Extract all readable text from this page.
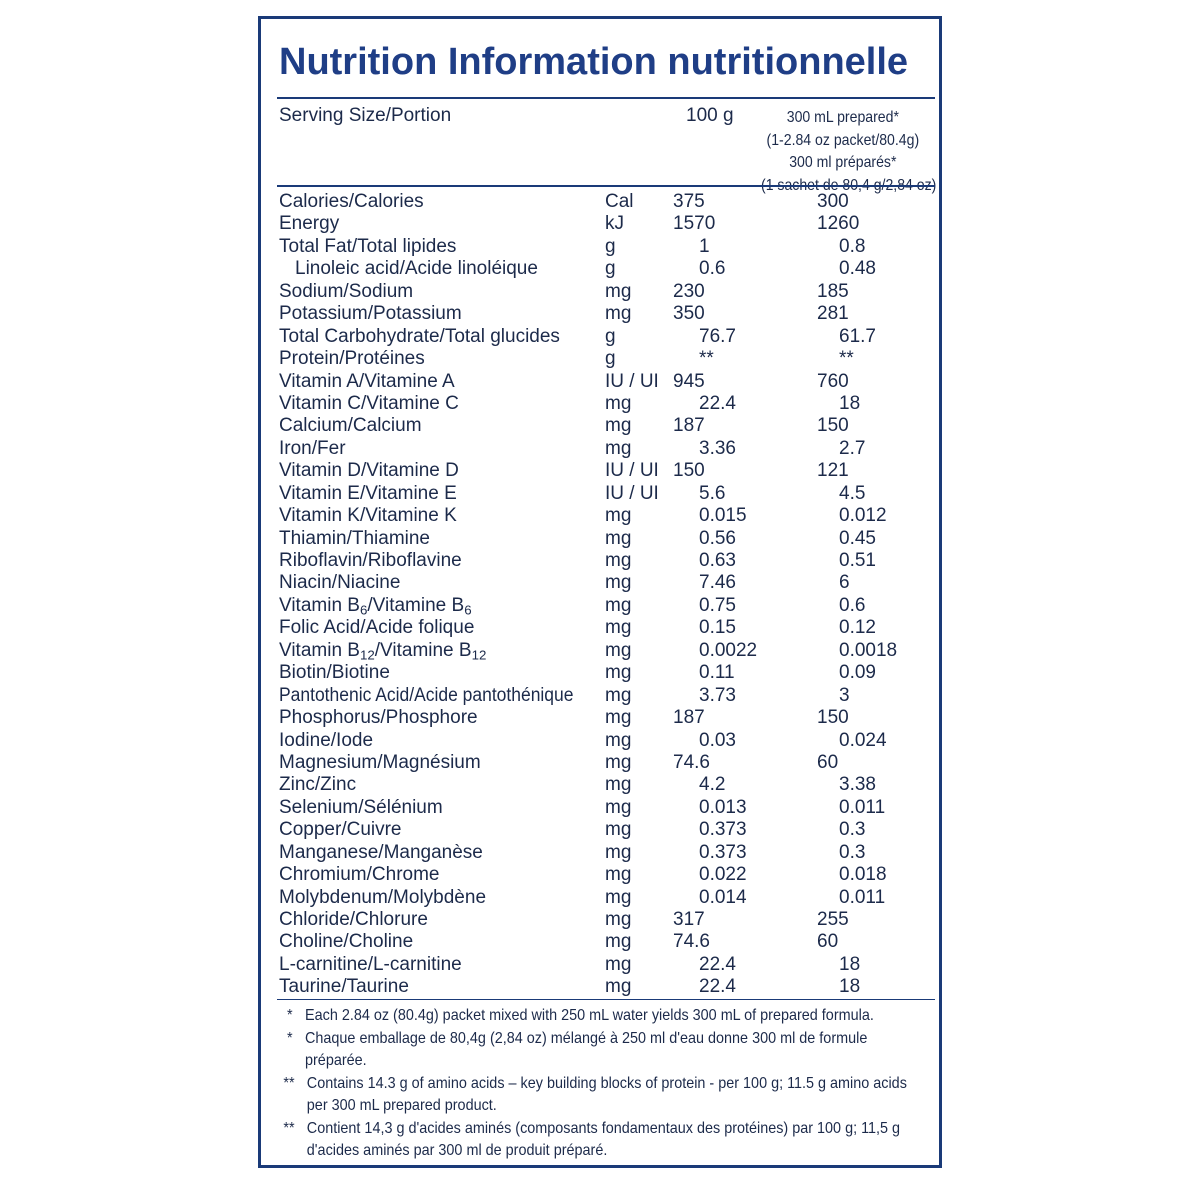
Nutrition Information nutritionnelle
Serving Size/Portion	100 g	300 mL prepared*
(1-2.84 oz packet/80.4g)
300 ml préparés*
(1 sachet de 80,4 g/2,84 oz)
Calories/Calories	Cal 375	300
Energy	kJ	1570	1260
Total Fat/Total lipides	g	1	0.8
Linoleic acid/Acide linoléique	g	0.6	0.48
Sodium/Sodium	mg 230	185
Potassium/Potassium	mg 350	281
Total Carbohydrate/Total glucides g	76.7	61.7
Protein/Protéines	g	**	**
Vitamin A/Vitamine A	IU / UI 945	760
Vitamin C/Vitamine C	mg	22.4	18
Calcium/Calcium	mg 187	150
Iron/Fer	mg	3.36	2.7
Vitamin D/Vitamine D	IU / UI 150	121
Vitamin E/Vitamine E	IU / UI 5.6	4.5
Vitamin K/Vitamine K	mg	0.015	0.012
Thiamin/Thiamine	mg	0.56	0.45
Riboflavin/Riboflavine	mg	0.63	0.51
Niacin/Niacine	mg	7.46	6
Vitamin $B_6$/Vitamine $B_6$	mg	0.75	0.6
Folic Acid/Acide folique	mg	0.15	0.12
Vitamin $B_{12}$/Vitamine $B_{12}$	mg	0.0022	0.0018
Biotin/Biotine	mg	0.11	0.09
Pantothenic Acid/Acide pantothénique mg	3.73	3
Phosphorus/Phosphore	mg 187	150
Iodine/Iode	mg	0.03	0.024
Magnesium/Magnésium	mg 74.6	60
Zinc/Zinc	mg	4.2	3.38
Selenium/Sélénium	mg	0.013	0.011
Copper/Cuivre	mg	0.373	0.3
Manganese/Manganèse	mg	0.373	0.3
Chromium/Chrome	mg	0.022	0.018
Molybdenum/Molybdène	mg	0.014	0.011
Chloride/Chlorure	mg 317	255
Choline/Choline	mg 74.6	60
L-carnitine/L-carnitine	mg	22.4	18
Taurine/Taurine	mg	22.4	18
* Each 2.84 oz (80.4g) packet mixed with 250 mL water yields 300 mL of prepared formula.
* Chaque emballage de 80,4g (2,84 oz) mélangé à 250 ml d'eau donne 300 ml de formule préparée.
** Contains 14.3 g of amino acids – key building blocks of protein - per 100 g; 11.5 g amino acids per 300 mL prepared product.
** Contient 14,3 g d'acides aminés (composants fondamentaux des protéines) par 100 g; 11,5 g d'acides aminés par 300 ml de produit préparé.
